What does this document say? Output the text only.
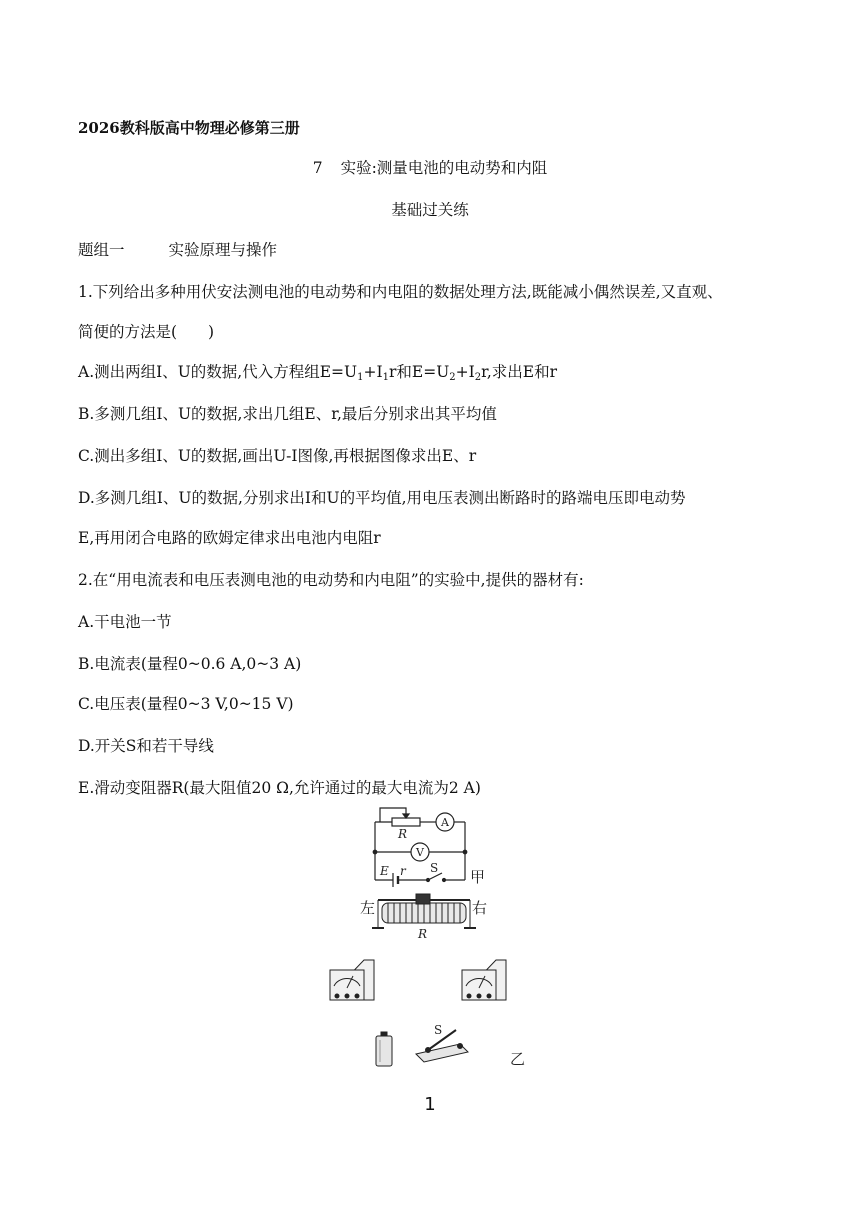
2026教科版高中物理必修第三册
7 实验:测量电池的电动势和内阻
基础过关练
题组一	实验原理与操作
1.下列给出多种用伏安法测电池的电动势和内电阻的数据处理方法,既能减小偶然误差,又直观、
简便的方法是(　　)
A.测出两组I、U的数据,代入方程组$E=U_1+I_1r$和$E=U_2+I_2r$,求出E和r
B.多测几组I、U的数据,求出几组E、r,最后分别求出其平均值
C.测出多组I、U的数据,画出U-I图像,再根据图像求出E、r
D.多测几组I、U的数据,分别求出I和U的平均值,用电压表测出断路时的路端电压即电动势
E,再用闭合电路的欧姆定律求出电池内电阻r
2.在“用电流表和电压表测电池的电动势和内电阻”的实验中,提供的器材有:
A.干电池一节
B.电流表(量程0~0.6 A,0~3 A)
C.电压表(量程0~3 V,0~15 V)
D.开关S和若干导线
E.滑动变阻器R(最大阻值20 Ω,允许通过的最大电流为2 A)
R
A
V
E r S 甲
左	右
R
S
乙
1
